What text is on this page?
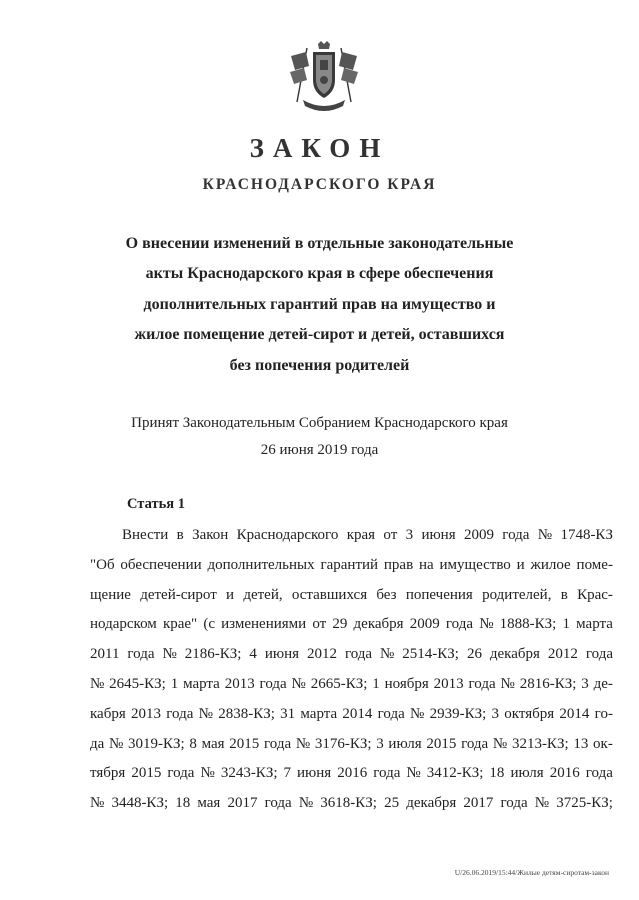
ЗАКОН
КРАСНОДАРСКОГО КРАЯ
О внесении изменений в отдельные законодательные
акты Краснодарского края в сфере обеспечения
дополнительных гарантий прав на имущество и
жилое помещение детей-сирот и детей, оставшихся
без попечения родителей
Принят Законодательным Собранием Краснодарского края
26 июня 2019 года
Статья 1
Внести в Закон Краснодарского края от 3 июня 2009 года № 1748-КЗ
"Об обеспечении дополнительных гарантий прав на имущество и жилое поме-
щение детей-сирот и детей, оставшихся без попечения родителей, в Крас-
нодарском крае" (с изменениями от 29 декабря 2009 года № 1888-КЗ; 1 марта
2011 года № 2186-КЗ; 4 июня 2012 года № 2514-КЗ; 26 декабря 2012 года
№ 2645-КЗ; 1 марта 2013 года № 2665-КЗ; 1 ноября 2013 года № 2816-КЗ; 3 де-
кабря 2013 года № 2838-КЗ; 31 марта 2014 года № 2939-КЗ; 3 октября 2014 го-
да № 3019-КЗ; 8 мая 2015 года № 3176-КЗ; 3 июля 2015 года № 3213-КЗ; 13 ок-
тября 2015 года № 3243-КЗ; 7 июня 2016 года № 3412-КЗ; 18 июля 2016 года
№ 3448-КЗ; 18 мая 2017 года № 3618-КЗ; 25 декабря 2017 года № 3725-КЗ;
U/26.06.2019/15:44/Жилые детям-сиротам-закон
